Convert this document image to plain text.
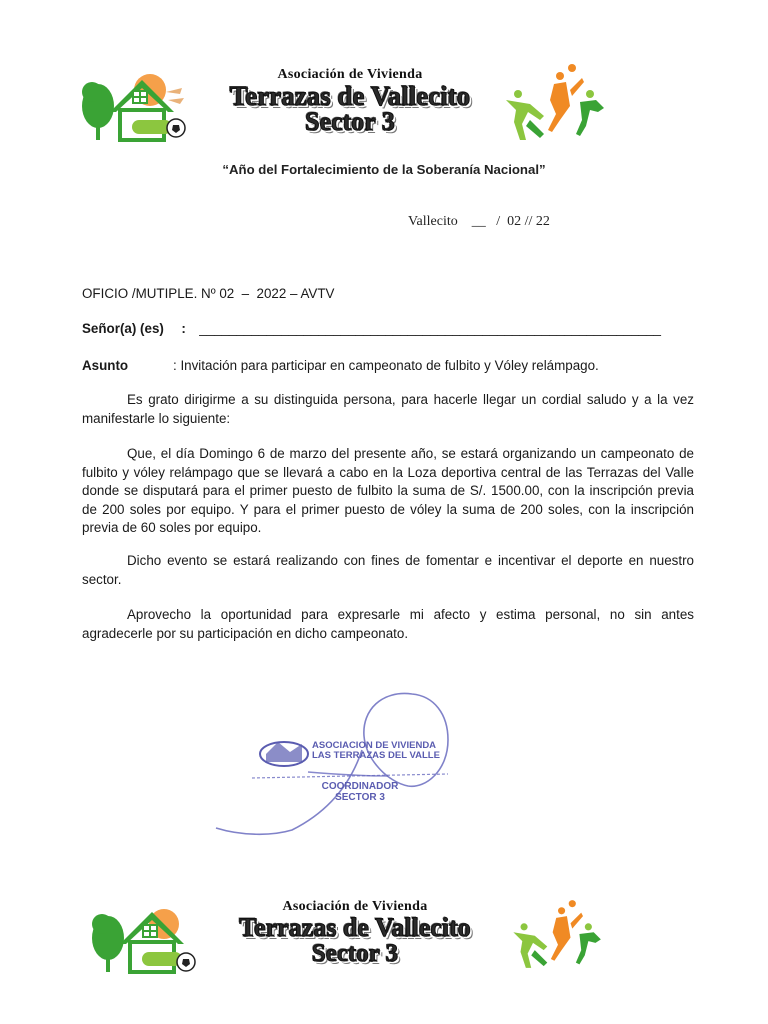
Asociación de Vivienda
Terrazas de Vallecito
Sector 3
“Año del Fortalecimiento de la Soberanía Nacional”
Vallecito    __   /  02 // 22
OFICIO /MUTIPLE. Nº 02  –  2022 – AVTV
Señor(a) (es) : ______________________________________________________________
Asunto	: Invitación para participar en campeonato de fulbito y Vóley relámpago.
Es grato dirigirme a su distinguida persona, para hacerle llegar un cordial saludo y a la vez manifestarle lo siguiente:
Que, el día Domingo 6 de marzo del presente año, se estará organizando un campeonato de fulbito y vóley relámpago que se llevará a cabo en la Loza deportiva central de las Terrazas del Valle donde se disputará para el primer puesto de fulbito la suma de S/. 1500.00, con la inscripción previa de 200 soles por equipo. Y para el primer puesto de vóley la suma de 200 soles, con la inscripción previa de 60 soles por equipo.
Dicho evento se estará realizando con fines de fomentar e incentivar el deporte en nuestro sector.
Aprovecho la oportunidad para expresarle mi afecto y estima personal, no sin antes agradecerle por su participación en dicho campeonato.
ASOCIACION DE VIVIENDA
LAS TERRAZAS DEL VALLE
COORDINADOR
SECTOR 3
Asociación de Vivienda
Terrazas de Vallecito
Sector 3
